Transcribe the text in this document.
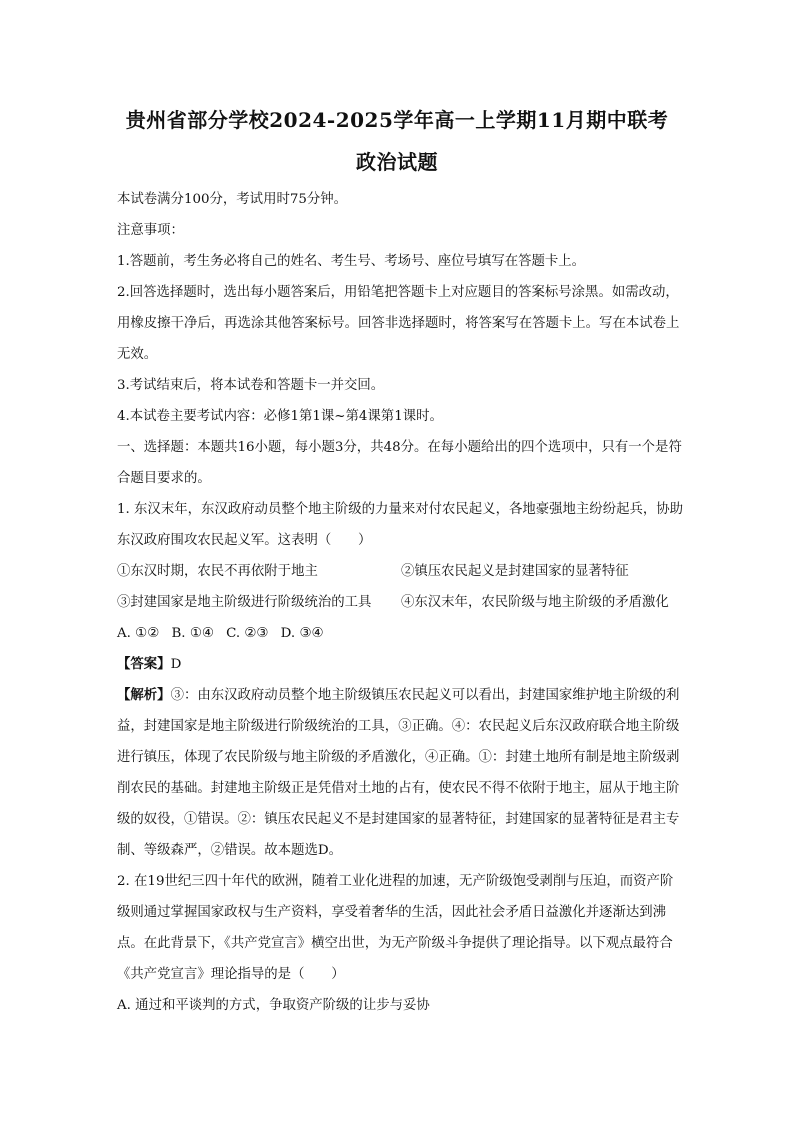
贵州省部分学校2024-2025学年高一上学期11月期中联考
政治试题

本试卷满分100分，考试用时75分钟。

注意事项：

1.答题前，考生务必将自己的姓名、考生号、考场号、座位号填写在答题卡上。

2.回答选择题时，选出每小题答案后，用铅笔把答题卡上对应题目的答案标号涂黑。如需改动，用橡皮擦干净后，再选涂其他答案标号。回答非选择题时，将答案写在答题卡上。写在本试卷上无效。

3.考试结束后，将本试卷和答题卡一并交回。

4.本试卷主要考试内容：必修1第1课~第4课第1课时。

一、选择题：本题共16小题，每小题3分，共48分。在每小题给出的四个选项中，只有一个是符合题目要求的。

1. 东汉末年，东汉政府动员整个地主阶级的力量来对付农民起义，各地豪强地主纷纷起兵，协助东汉政府围攻农民起义军。这表明（　　）

①东汉时期，农民不再依附于地主	②镇压农民起义是封建国家的显著特征
③封建国家是地主阶级进行阶级统治的工具 ④东汉末年，农民阶级与地主阶级的矛盾激化
A. ①② B. ①④ C. ②③ D. ③④

【答案】D

【解析】③：由东汉政府动员整个地主阶级镇压农民起义可以看出，封建国家维护地主阶级的利益，封建国家是地主阶级进行阶级统治的工具，③正确。④：农民起义后东汉政府联合地主阶级进行镇压，体现了农民阶级与地主阶级的矛盾激化，④正确。①：封建土地所有制是地主阶级剥削农民的基础。封建地主阶级正是凭借对土地的占有，使农民不得不依附于地主，屈从于地主阶级的奴役，①错误。②：镇压农民起义不是封建国家的显著特征，封建国家的显著特征是君主专制、等级森严，②错误。故本题选D。

2. 在19世纪三四十年代的欧洲，随着工业化进程的加速，无产阶级饱受剥削与压迫，而资产阶级则通过掌握国家政权与生产资料，享受着奢华的生活，因此社会矛盾日益激化并逐渐达到沸点。在此背景下，《共产党宣言》横空出世，为无产阶级斗争提供了理论指导。以下观点最符合《共产党宣言》理论指导的是（　　）

A. 通过和平谈判的方式，争取资产阶级的让步与妥协
